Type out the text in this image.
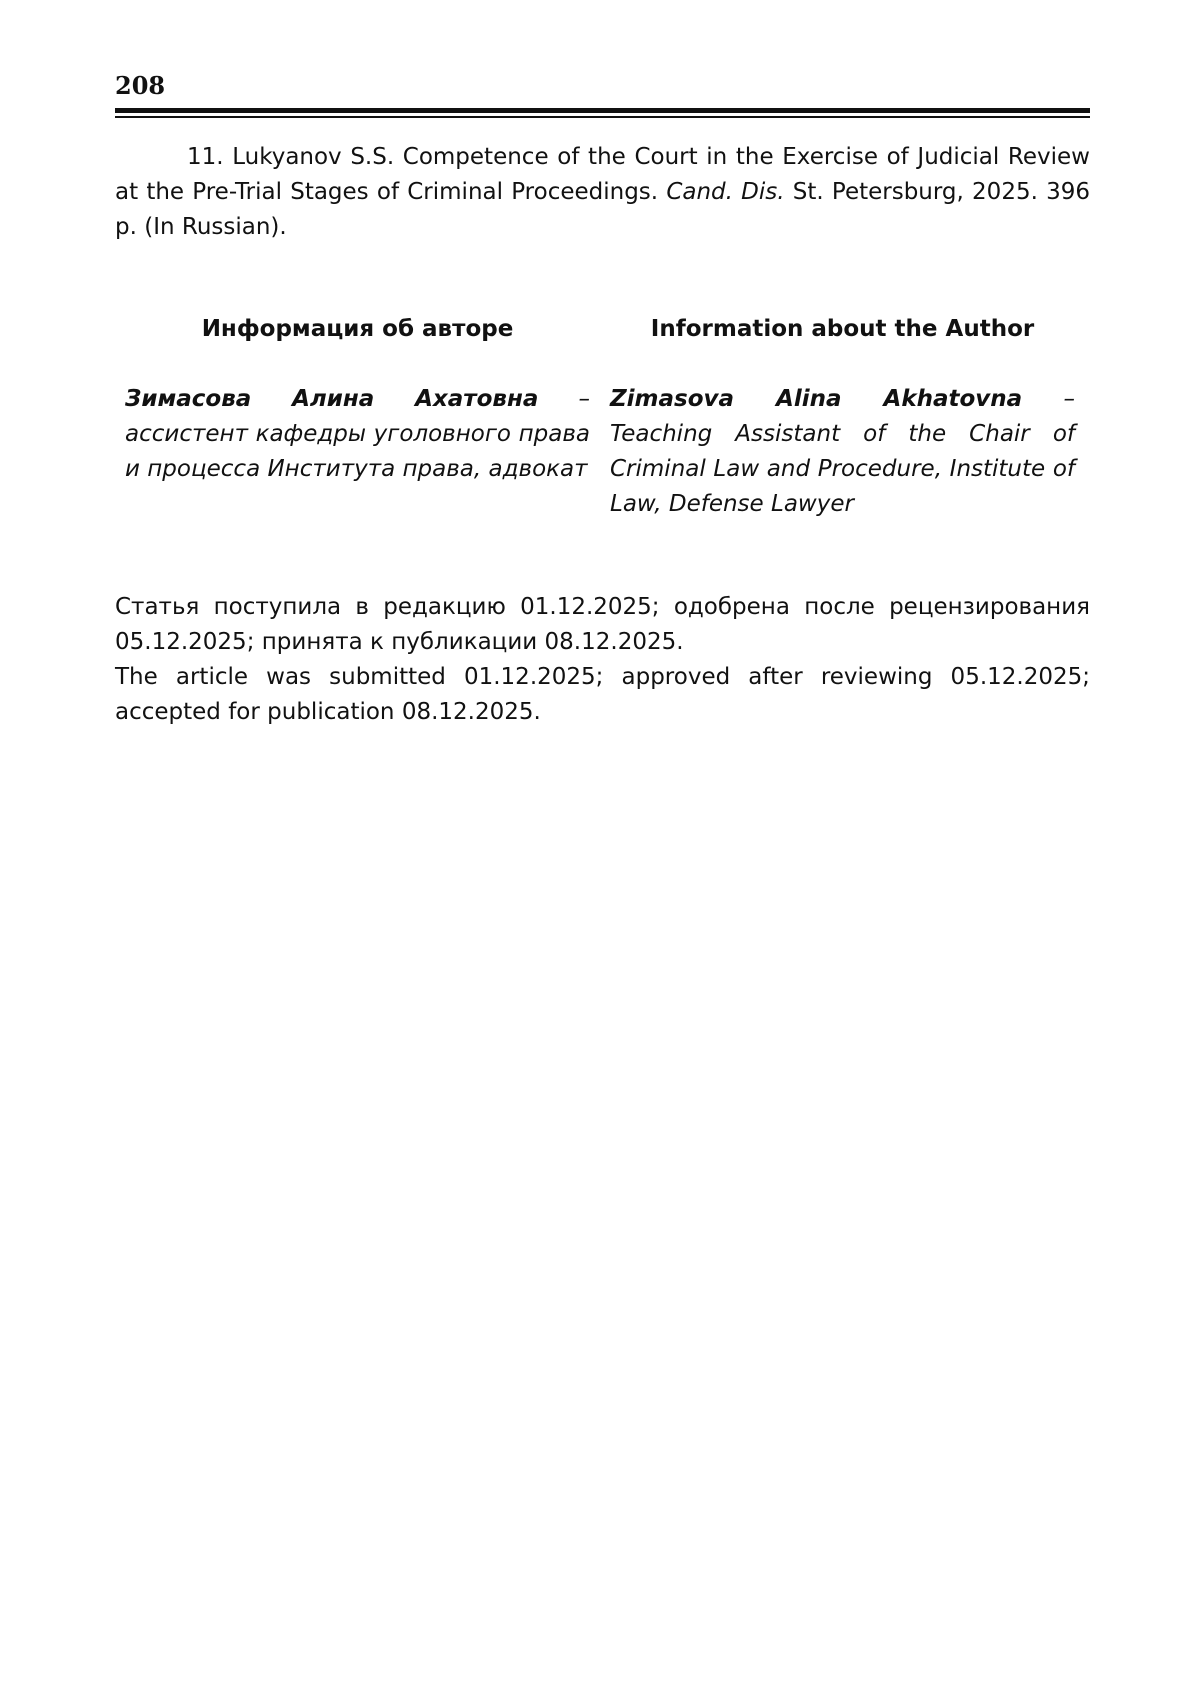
208
11. Lukyanov S.S. Competence of the Court in the Exercise of Judicial Review at the Pre-Trial Stages of Criminal Proceedings. Cand. Dis. St. Petersburg, 2025. 396 p. (In Russian).
Информация об авторе	Information about the Author
Зимасова Алина Ахатовна – ассистент кафедры уголовного права и процесса Института права, адвокат
Zimasova Alina Akhatovna – Teaching Assistant of the Chair of Criminal Law and Procedure, Institute of Law, Defense Lawyer

Статья поступила в редакцию 01.12.2025; одобрена после рецензирования 05.12.2025; принята к публикации 08.12.2025.

The article was submitted 01.12.2025; approved after reviewing 05.12.2025; accepted for publication 08.12.2025.
